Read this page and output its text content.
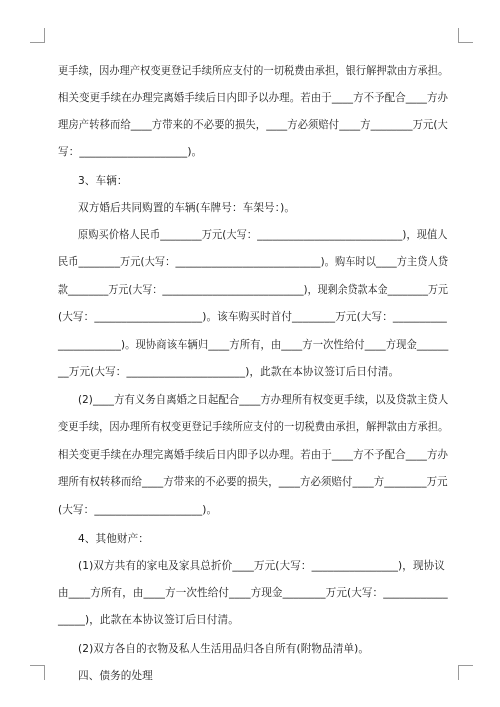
更手续，因办理产权变更登记手续所应支付的一切税费由承担，银行解押款由方承担。
相关变更手续在办理完离婚手续后日内即予以办理。若由于____方不予配合____方办
理房产转移而给____方带来的不必要的损失，____方必须赔付____方________万元(大
写：____________________)。
3、车辆：
双方婚后共同购置的车辆(车牌号：车架号：)。
原购买价格人民币________万元(大写：____________________________)，现值人
民币________万元(大写：____________________________)。购车时以____方主贷人贷
款________万元(大写：____________________________)，现剩余贷款本金________万元
(大写：____________________)。该车购买时首付________万元(大写：__________
____________)。现协商该车辆归____方所有，由____方一次性给付____方现金______
__万元(大写：______________________)，此款在本协议签订后日付清。
(2)____方有义务自离婚之日起配合____方办理所有权变更手续，以及贷款主贷人
变更手续，因办理所有权变更登记手续所应支付的一切税费由承担，解押款由方承担。
相关变更手续在办理完离婚手续后日内即予以办理。若由于____方不予配合____方办
理所有权转移而给____方带来的不必要的损失，____方必须赔付____方________万元
(大写：____________________)。
4、其他财产：
(1)双方共有的家电及家具总折价____万元(大写：________________)，现协议
由____方所有，由____方一次性给付____方现金________万元(大写：____________
_____)，此款在本协议签订后日付清。
(2)双方各自的衣物及私人生活用品归各自所有(附物品清单)。
四、债务的处理
